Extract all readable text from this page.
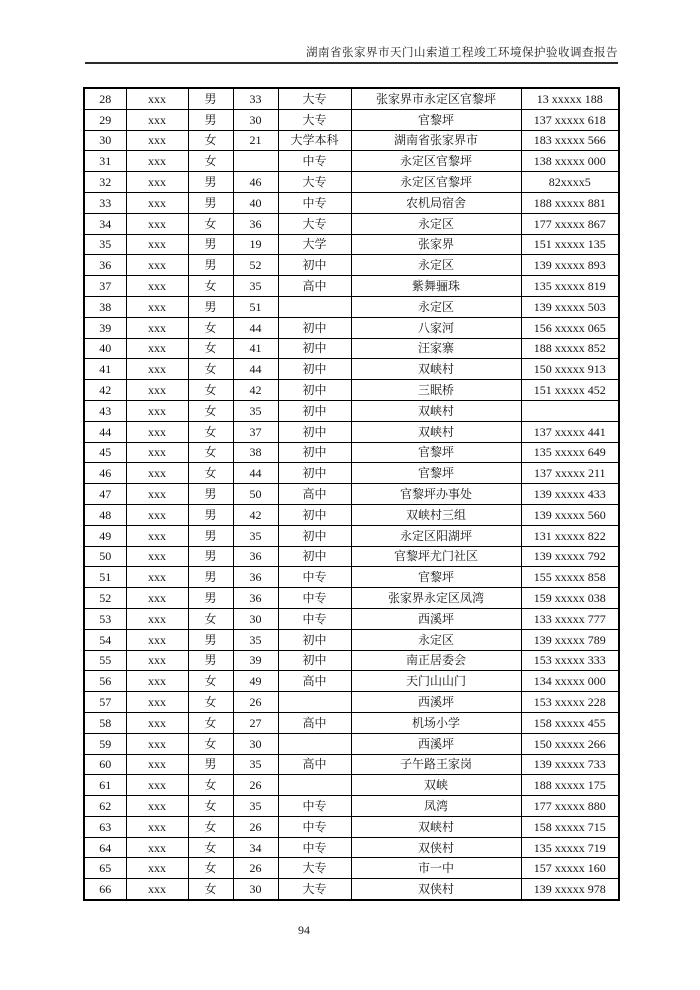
湖南省张家界市天门山索道工程竣工环境保护验收调查报告
28	xxx	男	33	大专	张家界市永定区官黎坪	13 xxxxx 188
29	xxx	男	30	大专	官黎坪	137 xxxxx 618
30	xxx	女	21	大学本科	湖南省张家界市	183 xxxxx 566
31	xxx	女		中专	永定区官黎坪	138 xxxxx 000
32	xxx	男	46	大专	永定区官黎坪	82xxxx5
33	xxx	男	40	中专	农机局宿舍	188 xxxxx 881
34	xxx	女	36	大专	永定区	177 xxxxx 867
35	xxx	男	19	大学	张家界	151 xxxxx 135
36	xxx	男	52	初中	永定区	139 xxxxx 893
37	xxx	女	35	高中	紫舞骊珠	135 xxxxx 819
38	xxx	男	51		永定区	139 xxxxx 503
39	xxx	女	44	初中	八家河	156 xxxxx 065
40	xxx	女	41	初中	汪家寨	188 xxxxx 852
41	xxx	女	44	初中	双峡村	150 xxxxx 913
42	xxx	女	42	初中	三眠桥	151 xxxxx 452
43	xxx	女	35	初中	双峡村	
44	xxx	女	37	初中	双峡村	137 xxxxx 441
45	xxx	女	38	初中	官黎坪	135 xxxxx 649
46	xxx	女	44	初中	官黎坪	137 xxxxx 211
47	xxx	男	50	高中	官黎坪办事处	139 xxxxx 433
48	xxx	男	42	初中	双峡村三组	139 xxxxx 560
49	xxx	男	35	初中	永定区阳湖坪	131 xxxxx 822
50	xxx	男	36	初中	官黎坪尤门社区	139 xxxxx 792
51	xxx	男	36	中专	官黎坪	155 xxxxx 858
52	xxx	男	36	中专	张家界永定区凤湾	159 xxxxx 038
53	xxx	女	30	中专	西溪坪	133 xxxxx 777
54	xxx	男	35	初中	永定区	139 xxxxx 789
55	xxx	男	39	初中	南正居委会	153 xxxxx 333
56	xxx	女	49	高中	天门山山门	134 xxxxx 000
57	xxx	女	26		西溪坪	153 xxxxx 228
58	xxx	女	27	高中	机场小学	158 xxxxx 455
59	xxx	女	30		西溪坪	150 xxxxx 266
60	xxx	男	35	高中	子午路王家岗	139 xxxxx 733
61	xxx	女	26		双峡	188 xxxxx 175
62	xxx	女	35	中专	凤湾	177 xxxxx 880
63	xxx	女	26	中专	双峡村	158 xxxxx 715
64	xxx	女	34	中专	双侠村	135 xxxxx 719
65	xxx	女	26	大专	市一中	157 xxxxx 160
66	xxx	女	30	大专	双侠村	139 xxxxx 978
94
